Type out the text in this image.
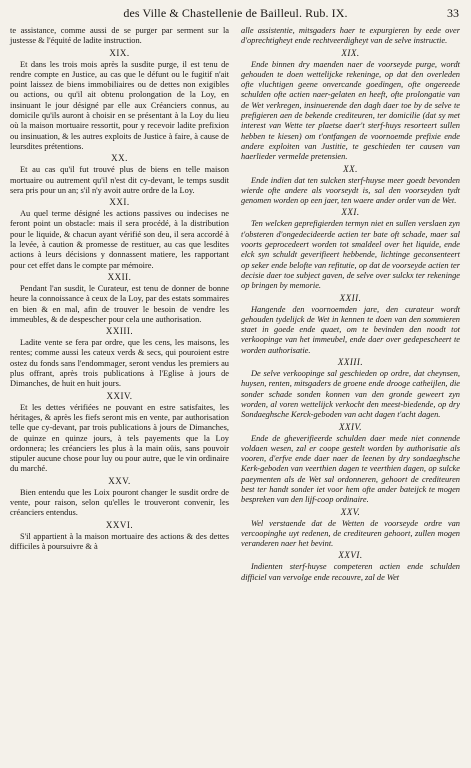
des Ville & Chastellenie de Bailleul. Rub. IX.	33

te assistance, comme aussi de se purger par serment sur la justesse & l'équité de ladite instruction.

XIX.

Et dans les trois mois après la susdite purge, il est tenu de rendre compte en Justice, au cas que le défunt ou le fugitif n'ait point laissez de biens immobiliaires ou de dettes non exigibles ou actions, ou qu'il ait obtenu prolongation de la Loy, en insinuant le jour désigné par elle aux Créanciers connus, au domicile qu'ils auront à choisir en se présentant à la Loy du lieu où la maison mortuaire ressortit, pour y recevoir ladite prefixion ou insinuation, & les autres exploits de Justice à faire, à cause de leursdites prétentions.

XX.

Et au cas qu'il fut trouvé plus de biens en telle maison mortuaire ou autrement qu'il n'est dit cy-devant, le temps susdit sera pris pour un an; s'il n'y avoit autre ordre de la Loy.

XXI.

Au quel terme désigné les actions passives ou indecises ne feront point un obstacle: mais il sera procédé, à la distribution pour le liquide, & chacun ayant vérifié son deu, il sera accordé à la levée, à caution & promesse de restituer, au cas que lesdites actions à leurs décisions y donnassent matiere, les rapportant pour cet effet dans le compte par mémoire.

XXII.

Pendant l'an susdit, le Curateur, est tenu de donner de bonne heure la connoissance à ceux de la Loy, par des estats sommaires en bien & en mal, afin de trouver le besoin de vendre les immeubles, & de despescher pour cela une authorisation.

XXIII.

Ladite vente se fera par ordre, que les cens, les maisons, les rentes; comme aussi les cateux verds & secs, qui pouroient estre ostez du fonds sans l'endommager, seront vendus les premiers au plus offrant, après trois publications à l'Eglise à jours de Dimanches, de huit en huit jours.

XXIV.

Et les dettes vérifiées ne pouvant en estre satisfaites, les héritages, & après les fiefs seront mis en vente, par authorisation telle que cy-devant, par trois publications à jours de Dimanches, de quinze en quinze jours, à tels payements que la Loy ordonnera; les créanciers les plus à la main oüis, sans pouvoir stipuler aucune chose pour luy ou pour autre, que le vin ordinaire du marché.

XXV.

Bien entendu que les Loix pouront changer le susdit ordre de vente, pour raison, selon qu'elles le trouveront convenir, les créanciers entendus.

XXVI.

S'il appartient à la maison mortuaire des actions & des dettes difficiles à poursuivre & à

alle assistentie, mitsgaders haer te expurgieren by eede over d'oprechtigheyt ende rechtveerdigheyt van de selve instructie.

XIX.

Ende binnen dry maenden naer de voorseyde purge, wordt gehouden te doen wettelijcke rekeninge, op dat den overleden ofte vluchtigen geene onvercande goedingen, ofte ongereede schulden ofte actien naer-gelaten en heeft, ofte prolongatie van de Wet verkregen, insinuerende den dagh daer toe by de selve te prefigieren aen de bekende crediteuren, ter domicilie (dat sy met interest van Wette ter plaetse daer't sterf-huys resorteert sullen hebben te kiesen) om t'ontfangen de voornoemde prefixie ende andere exploiten van Justitie, te geschieden ter causen van haerlieder vermelde pretensien.

XX.

Ende indien dat ten sulcken sterf-huyse meer goedt bevonden wierde ofte andere als voorseydt is, sal den voorseyden tydt genomen worden op een jaer, ten waere ander order van de Wet.

XXI.

Ten welcken geprefigierden termyn niet en sullen verslaen zyn t'obsteren d'ongedecideerde actien ter bate oft schade, maer sal voorts geprocedeert worden tot smaldeel over het liquide, ende elck syn schuldt geverifieert hebbende, lichtinge geconsenteert op seker ende belofte van refitutie, op dat de voorseyde actien ter decisie daer toe subject gaven, de selve over sulckx ter rekeninge op bringen by memorie.

XXII.

Hangende den voornoemden jare, den curateur wordt gehouden tydelijck de Wet in kennen te doen van den sommieren staet in goede ende quaet, om te bevinden den noodt tot verkoopinge van het immeubel, ende daer over gedepescheert te worden authorisatie.

XXIII.

De selve verkoopinge sal geschieden op ordre, dat cheynsen, huysen, renten, mitsgaders de groene ende drooge catheijlen, die sonder schade sonden konnen van den gronde geweert zyn worden, al voren wettelijck verkocht den meest-biedende, op dry Sondaeghsche Kerck-geboden van acht dagen t'acht dagen.

XXIV.

Ende de gheverifieerde schulden daer mede niet connende voldaen wesen, zal er coope gestelt worden by authorisatie als vooren, d'erfve ende daer naer de leenen by dry sondaeghsche Kerk-geboden van veerthien dagen te veerthien dagen, op sulcke paeymenten als de Wet sal ordonneren, gehoort de crediteuren best ter handt sonder iet voor hem ofte ander bateijck te mogen bespreken van den lijf-coop ordinaire.

XXV.

Wel verstaende dat de Wetten de voorseyde ordre van vercoopinghe uyt redenen, de crediteuren gehoort, zullen mogen veranderen naer het bevint.

XXVI.

Indienten sterf-huyse competeren actien ende schulden difficiel van vervolge ende recouvre, zal de Wet
